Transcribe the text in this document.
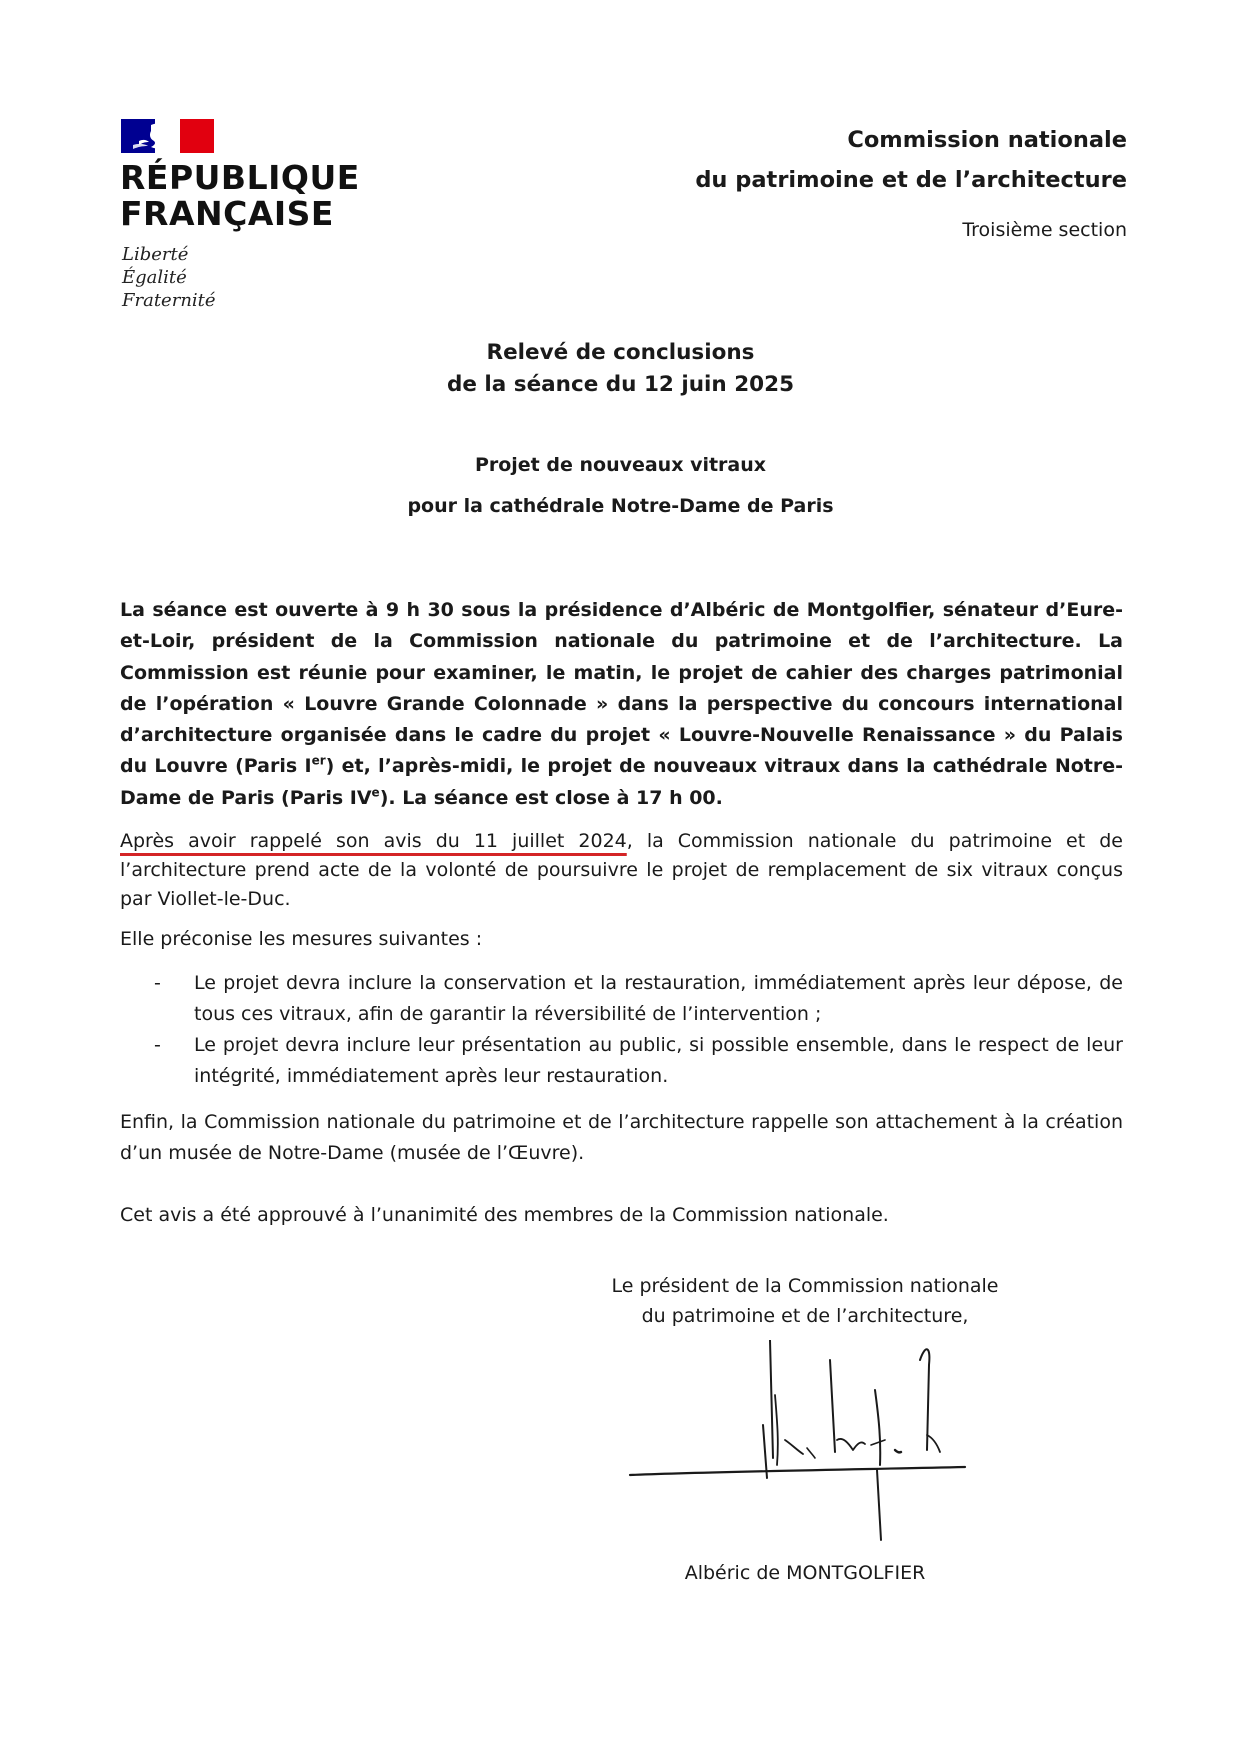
RÉPUBLIQUE
FRANÇAISE
Liberté
Égalité
Fraternité
Commission nationale
du patrimoine et de l’architecture
Troisième section
Relevé de conclusions
de la séance du 12 juin 2025
Projet de nouveaux vitraux
pour la cathédrale Notre-Dame de Paris
La séance est ouverte à 9 h 30 sous la présidence d’Albéric de Montgolfier, sénateur d’Eure-et-Loir, président de la Commission nationale du patrimoine et de l’architecture. La Commission est réunie pour examiner, le matin, le projet de cahier des charges patrimonial de l’opération « Louvre Grande Colonnade » dans la perspective du concours international d’architecture organisée dans le cadre du projet « Louvre-Nouvelle Renaissance » du Palais du Louvre (Paris Ier) et, l’après-midi, le projet de nouveaux vitraux dans la cathédrale Notre-Dame de Paris (Paris IVe). La séance est close à 17 h 00.
Après avoir rappelé son avis du 11 juillet 2024, la Commission nationale du patrimoine et de l’architecture prend acte de la volonté de poursuivre le projet de remplacement de six vitraux conçus par Viollet-le-Duc.
Elle préconise les mesures suivantes :
- Le projet devra inclure la conservation et la restauration, immédiatement après leur dépose, de tous ces vitraux, afin de garantir la réversibilité de l’intervention ;
- Le projet devra inclure leur présentation au public, si possible ensemble, dans le respect de leur intégrité, immédiatement après leur restauration.
Enfin, la Commission nationale du patrimoine et de l’architecture rappelle son attachement à la création d’un musée de Notre-Dame (musée de l’Œuvre).
Cet avis a été approuvé à l’unanimité des membres de la Commission nationale.
Le président de la Commission nationale
du patrimoine et de l’architecture,
Albéric de MONTGOLFIER
